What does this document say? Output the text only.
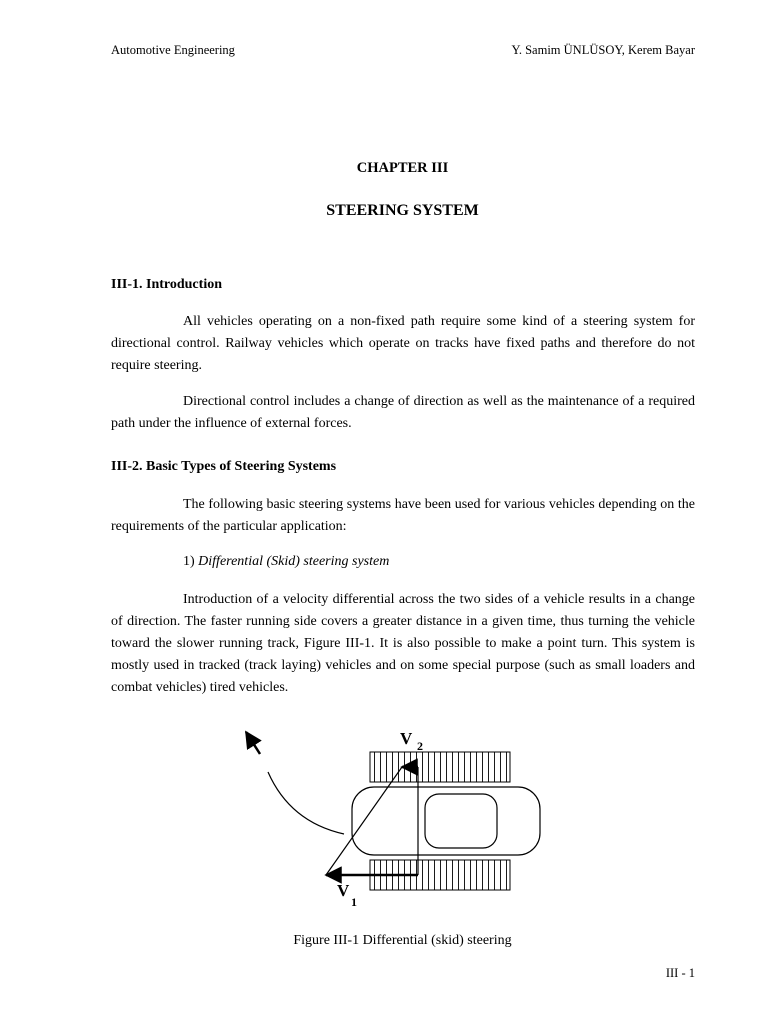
Automotive Engineering	Y. Samim ÜNLÜSOY, Kerem Bayar
CHAPTER III
STEERING SYSTEM
III-1. Introduction

All vehicles operating on a non-fixed path require some kind of a steering system for directional control. Railway vehicles which operate on tracks have fixed paths and therefore do not require steering.

Directional control includes a change of direction as well as the maintenance of a required path under the influence of external forces.

III-2. Basic Types of Steering Systems

The following basic steering systems have been used for various vehicles depending on the requirements of the particular application:

1) Differential (Skid) steering system

Introduction of a velocity differential across the two sides of a vehicle results in a change of direction. The faster running side covers a greater distance in a given time, thus turning the vehicle toward the slower running track, Figure III-1. It is also possible to make a point turn. This system is mostly used in tracked (track laying) vehicles and on some special purpose (such as small loaders and combat vehicles) tired vehicles.

V 2
V
1
Figure III-1 Differential (skid) steering
III - 1
